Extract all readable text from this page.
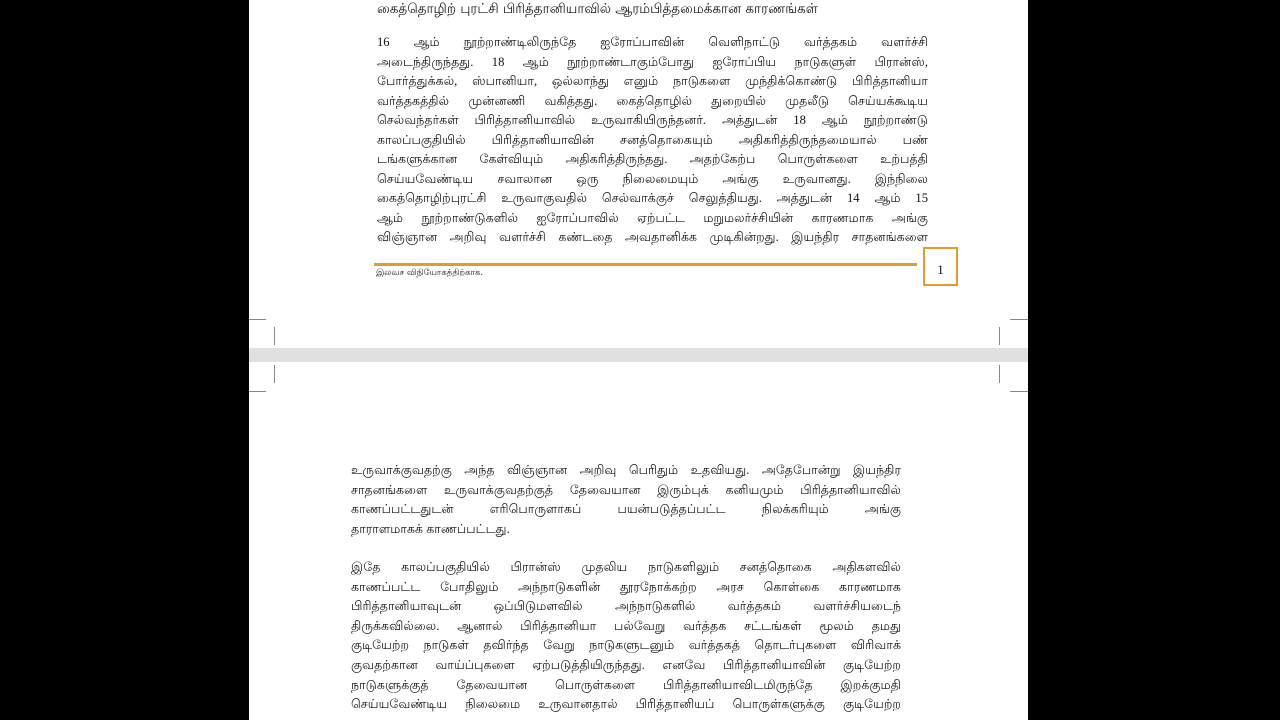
கைத்தொழிற் புரட்சி பிரித்தானியாவில் ஆரம்பித்தமைக்கான காரணங்கள்
16 ஆம் நூற்றாண்டிலிருந்தே ஐரோப்பாவின் வெளிநாட்டு வர்த்தகம் வளர்ச்சி
அடைந்திருந்தது. 18 ஆம் நூற்றாண்டாகும்போது ஐரோப்பிய நாடுகளுள் பிரான்ஸ்,
போர்த்துக்கல், ஸ்பானியா, ஒல்லாந்து எனும் நாடுகளை முந்திக்கொண்டு பிரித்தானியா
வர்த்தகத்தில் முன்னணி வகித்தது. கைத்தொழில் துறையில் முதலீடு செய்யக்கூடிய
செல்வந்தர்கள் பிரித்தானியாவில் உருவாகியிருந்தனர். அத்துடன் 18 ஆம் நூற்றாண்டு
காலப்பகுதியில் பிரித்தானியாவின் சனத்தொகையும் அதிகரித்திருந்தமையால் பண்
டங்களுக்கான கேள்வியும் அதிகரித்திருந்தது. அதற்கேற்ப பொருள்களை உற்பத்தி
செய்யவேண்டிய சவாலான ஒரு நிலைமையும் அங்கு உருவானது. இந்நிலை
கைத்தொழிற்புரட்சி உருவாகுவதில் செல்வாக்குச் செலுத்தியது. அத்துடன் 14 ஆம் 15
ஆம் நூற்றாண்டுகளில் ஐரோப்பாவில் ஏற்பட்ட மறுமலர்ச்சியின் காரணமாக அங்கு
விஞ்ஞான அறிவு வளர்ச்சி கண்டதை அவதானிக்க முடிகின்றது. இயந்திர சாதனங்களை
1
இலவச விநியோகத்திற்காக.
உருவாக்குவதற்கு அந்த விஞ்ஞான அறிவு பெரிதும் உதவியது. அதேபோன்று இயந்திர
சாதனங்களை உருவாக்குவதற்குத் தேவையான இரும்புக் கனியமும் பிரித்தானியாவில்
காணப்பட்டதுடன் எரிபொருளாகப் பயன்படுத்தப்பட்ட நிலக்கரியும் அங்கு
தாராளமாகக் காணப்பட்டது.
இதே காலப்பகுதியில் பிரான்ஸ் முதலிய நாடுகளிலும் சனத்தொகை அதிகளவில்
காணப்பட்ட போதிலும் அந்நாடுகளின் தூரநோக்கற்ற அரச கொள்கை காரணமாக
பிரித்தானியாவுடன் ஒப்பிடுமளவில் அந்நாடுகளில் வர்த்தகம் வளர்ச்சியடைந்
திருக்கவில்லை. ஆனால் பிரித்தானியா பல்வேறு வர்த்தக சட்டங்கள் மூலம் தமது
குடியேற்ற நாடுகள் தவிர்ந்த வேறு நாடுகளுடனும் வர்த்தகத் தொடர்புகளை விரிவாக்
குவதற்கான வாய்ப்புகளை ஏற்படுத்தியிருந்தது. எனவே பிரித்தானியாவின் குடியேற்ற
நாடுகளுக்குத் தேவையான பொருள்களை பிரித்தானியாவிடமிருந்தே இறக்குமதி
செய்யவேண்டிய நிலைமை உருவானதால் பிரித்தானியப் பொருள்களுக்கு குடியேற்ற
